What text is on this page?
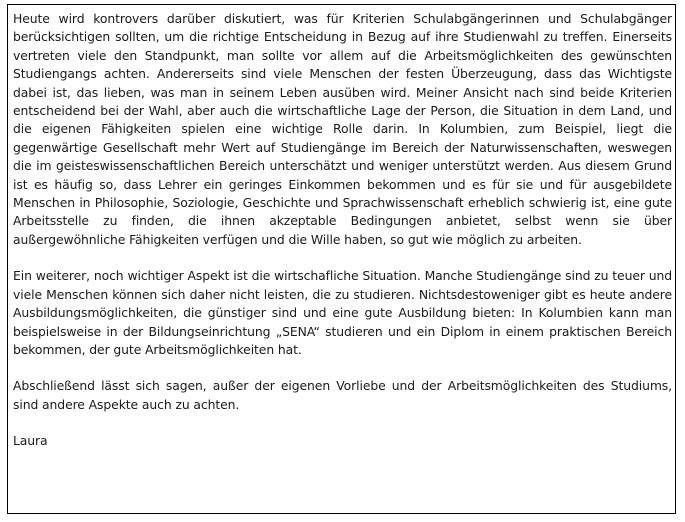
Heute wird kontrovers darüber diskutiert, was für Kriterien Schulabgängerinnen und Schulabgänger berücksichtigen sollten, um die richtige Entscheidung in Bezug auf ihre Studienwahl zu treffen. Einerseits vertreten viele den Standpunkt, man sollte vor allem auf die Arbeitsmöglichkeiten des gewünschten Studiengangs achten. Andererseits sind viele Menschen der festen Überzeugung, dass das Wichtigste dabei ist, das lieben, was man in seinem Leben ausüben wird. Meiner Ansicht nach sind beide Kriterien entscheidend bei der Wahl, aber auch die wirtschaftliche Lage der Person, die Situation in dem Land, und die eigenen Fähigkeiten spielen eine wichtige Rolle darin. In Kolumbien, zum Beispiel, liegt die gegenwärtige Gesellschaft mehr Wert auf Studiengänge im Bereich der Naturwissenschaften, weswegen die im geisteswissenschaftlichen Bereich unterschätzt und weniger unterstützt werden. Aus diesem Grund ist es häufig so, dass Lehrer ein geringes Einkommen bekommen und es für sie und für ausgebildete Menschen in Philosophie, Soziologie, Geschichte und Sprachwissenschaft erheblich schwierig ist, eine gute Arbeitsstelle zu finden, die ihnen akzeptable Bedingungen anbietet, selbst wenn sie über außergewöhnliche Fähigkeiten verfügen und die Wille haben, so gut wie möglich zu arbeiten.

Ein weiterer, noch wichtiger Aspekt ist die wirtschafliche Situation. Manche Studiengänge sind zu teuer und viele Menschen können sich daher nicht leisten, die zu studieren. Nichtsdestoweniger gibt es heute andere Ausbildungsmöglichkeiten, die günstiger sind und eine gute Ausbildung bieten: In Kolumbien kann man beispielsweise in der Bildungseinrichtung „SENA“ studieren und ein Diplom in einem praktischen Bereich bekommen, der gute Arbeitsmöglichkeiten hat.

Abschließend lässt sich sagen, außer der eigenen Vorliebe und der Arbeitsmöglichkeiten des Studiums, sind andere Aspekte auch zu achten.

Laura
